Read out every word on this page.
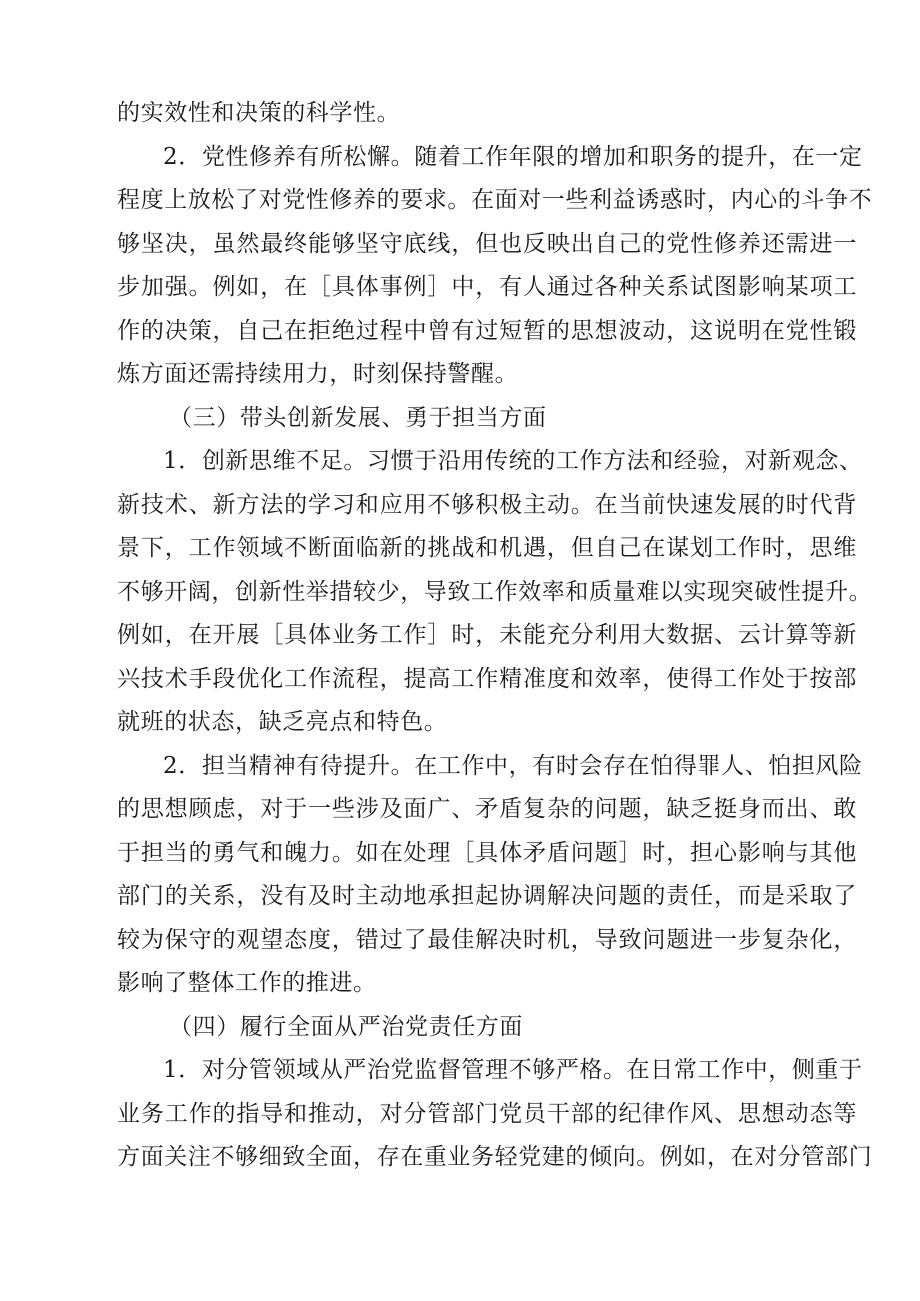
的实效性和决策的科学性。
2．党性修养有所松懈。随着工作年限的增加和职务的提升，在一定
程度上放松了对党性修养的要求。在面对一些利益诱惑时，内心的斗争不
够坚决，虽然最终能够坚守底线，但也反映出自己的党性修养还需进一
步加强。例如，在［具体事例］中，有人通过各种关系试图影响某项工
作的决策，自己在拒绝过程中曾有过短暂的思想波动，这说明在党性锻
炼方面还需持续用力，时刻保持警醒。
（三）带头创新发展、勇于担当方面
1．创新思维不足。习惯于沿用传统的工作方法和经验，对新观念、
新技术、新方法的学习和应用不够积极主动。在当前快速发展的时代背
景下，工作领域不断面临新的挑战和机遇，但自己在谋划工作时，思维
不够开阔，创新性举措较少，导致工作效率和质量难以实现突破性提升。
例如，在开展［具体业务工作］时，未能充分利用大数据、云计算等新
兴技术手段优化工作流程，提高工作精准度和效率，使得工作处于按部
就班的状态，缺乏亮点和特色。
2．担当精神有待提升。在工作中，有时会存在怕得罪人、怕担风险
的思想顾虑，对于一些涉及面广、矛盾复杂的问题，缺乏挺身而出、敢
于担当的勇气和魄力。如在处理［具体矛盾问题］时，担心影响与其他
部门的关系，没有及时主动地承担起协调解决问题的责任，而是采取了
较为保守的观望态度，错过了最佳解决时机，导致问题进一步复杂化，
影响了整体工作的推进。
（四）履行全面从严治党责任方面
1．对分管领域从严治党监督管理不够严格。在日常工作中，侧重于
业务工作的指导和推动，对分管部门党员干部的纪律作风、思想动态等
方面关注不够细致全面，存在重业务轻党建的倾向。例如，在对分管部门
